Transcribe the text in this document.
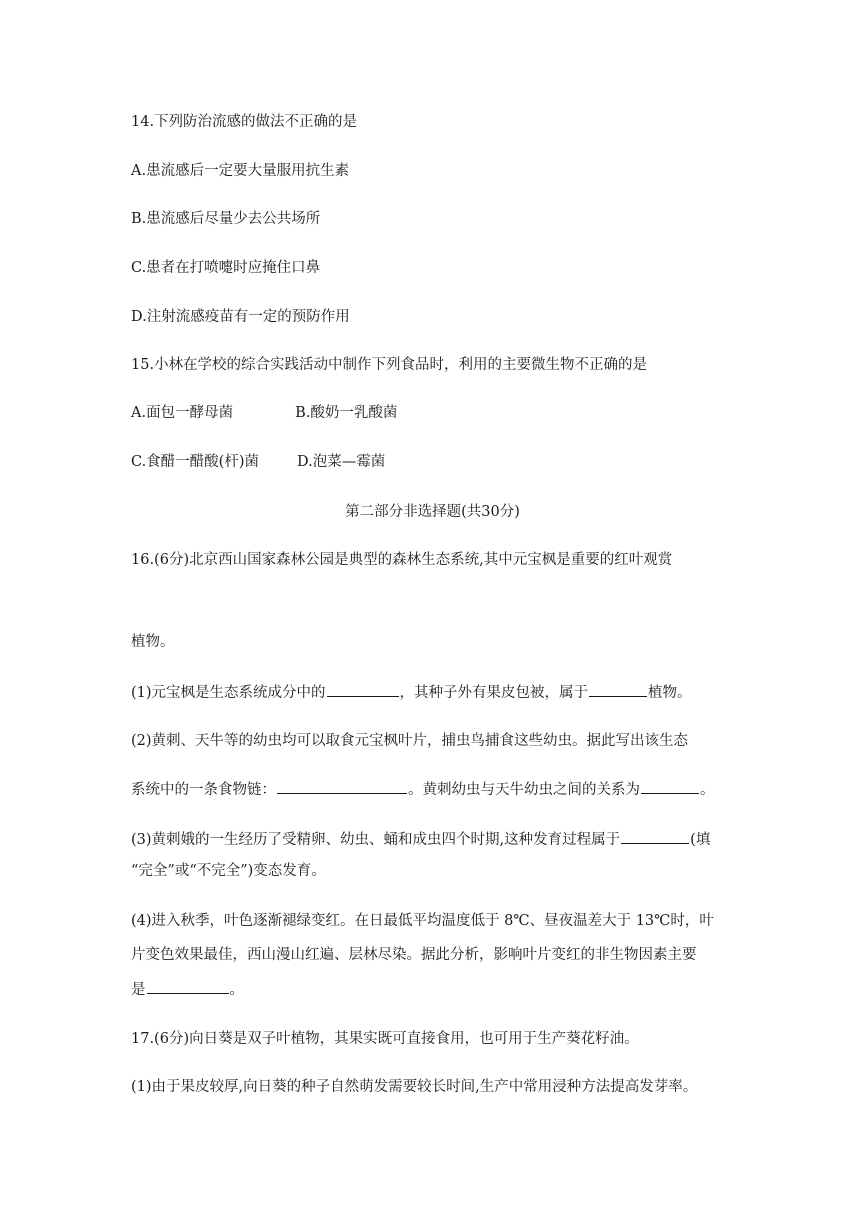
14.下列防治流感的做法不正确的是
A.患流感后一定要大量服用抗生素
B.患流感后尽量少去公共场所
C.患者在打喷嚏时应掩住口鼻
D.注射流感疫苗有一定的预防作用
15.小林在学校的综合实践活动中制作下列食品时，利用的主要微生物不正确的是
A.面包一酵母菌	B.酸奶一乳酸菌
C.食醋一醋酸(杆)菌	D.泡菜—霉菌
第二部分非选择题(共30分)
16.(6分)北京西山国家森林公园是典型的森林生态系统,其中元宝枫是重要的红叶观赏
植物。
(1)元宝枫是生态系统成分中的	，其种子外有果皮包被，属于	植物。
(2)黄刺、天牛等的幼虫均可以取食元宝枫叶片，捕虫鸟捕食这些幼虫。据此写出该生态
系统中的一条食物链：	。黄刺幼虫与天牛幼虫之间的关系为	。
(3)黄刺娥的一生经历了受精卵、幼虫、蛹和成虫四个时期,这种发育过程属于	(填
“完全”或“不完全”)变态发育。
(4)进入秋季，叶色逐渐褪绿变红。在日最低平均温度低于 8℃、昼夜温差大于 13℃时，叶
片变色效果最佳，西山漫山红遍、层林尽染。据此分析，影响叶片变红的非生物因素主要
是	。
17.(6分)向日葵是双子叶植物，其果实既可直接食用，也可用于生产葵花籽油。
(1)由于果皮较厚,向日葵的种子自然萌发需要较长时间,生产中常用浸种方法提高发芽率。
